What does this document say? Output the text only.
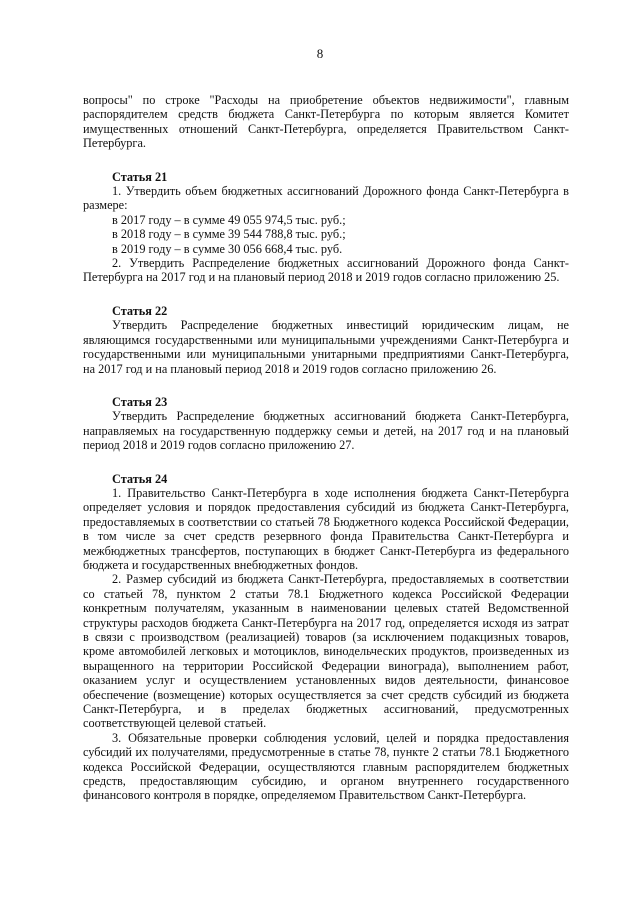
8

вопросы" по строке "Расходы на приобретение объектов недвижимости", главным распорядителем средств бюджета Санкт-Петербурга по которым является Комитет имущественных отношений Санкт-Петербурга, определяется Правительством Санкт-Петербурга.

Статья 21

1. Утвердить объем бюджетных ассигнований Дорожного фонда Санкт-Петербурга в размере:

в 2017 году – в сумме 49 055 974,5 тыс. руб.;

в 2018 году – в сумме 39 544 788,8 тыс. руб.;

в 2019 году – в сумме 30 056 668,4 тыс. руб.

2. Утвердить Распределение бюджетных ассигнований Дорожного фонда Санкт-Петербурга на 2017 год и на плановый период 2018 и 2019 годов согласно приложению 25.

Статья 22

Утвердить Распределение бюджетных инвестиций юридическим лицам, не являющимся государственными или муниципальными учреждениями Санкт-Петербурга и государственными или муниципальными унитарными предприятиями Санкт-Петербурга, на 2017 год и на плановый период 2018 и 2019 годов согласно приложению 26.

Статья 23

Утвердить Распределение бюджетных ассигнований бюджета Санкт-Петербурга, направляемых на государственную поддержку семьи и детей, на 2017 год и на плановый период 2018 и 2019 годов согласно приложению 27.

Статья 24

1. Правительство Санкт-Петербурга в ходе исполнения бюджета Санкт-Петербурга определяет условия и порядок предоставления субсидий из бюджета Санкт-Петербурга, предоставляемых в соответствии со статьей 78 Бюджетного кодекса Российской Федерации, в том числе за счет средств резервного фонда Правительства Санкт-Петербурга и межбюджетных трансфертов, поступающих в бюджет Санкт-Петербурга из федерального бюджета и государственных внебюджетных фондов.

2. Размер субсидий из бюджета Санкт-Петербурга, предоставляемых в соответствии со статьей 78, пунктом 2 статьи 78.1 Бюджетного кодекса Российской Федерации конкретным получателям, указанным в наименовании целевых статей Ведомственной структуры расходов бюджета Санкт-Петербурга на 2017 год, определяется исходя из затрат в связи с производством (реализацией) товаров (за исключением подакцизных товаров, кроме автомобилей легковых и мотоциклов, винодельческих продуктов, произведенных из выращенного на территории Российской Федерации винограда), выполнением работ, оказанием услуг и осуществлением установленных видов деятельности, финансовое обеспечение (возмещение) которых осуществляется за счет средств субсидий из бюджета Санкт-Петербурга, и в пределах бюджетных ассигнований, предусмотренных соответствующей целевой статьей.

3. Обязательные проверки соблюдения условий, целей и порядка предоставления субсидий их получателями, предусмотренные в статье 78, пункте 2 статьи 78.1 Бюджетного кодекса Российской Федерации, осуществляются главным распорядителем бюджетных средств, предоставляющим субсидию, и органом внутреннего государственного финансового контроля в порядке, определяемом Правительством Санкт-Петербурга.
